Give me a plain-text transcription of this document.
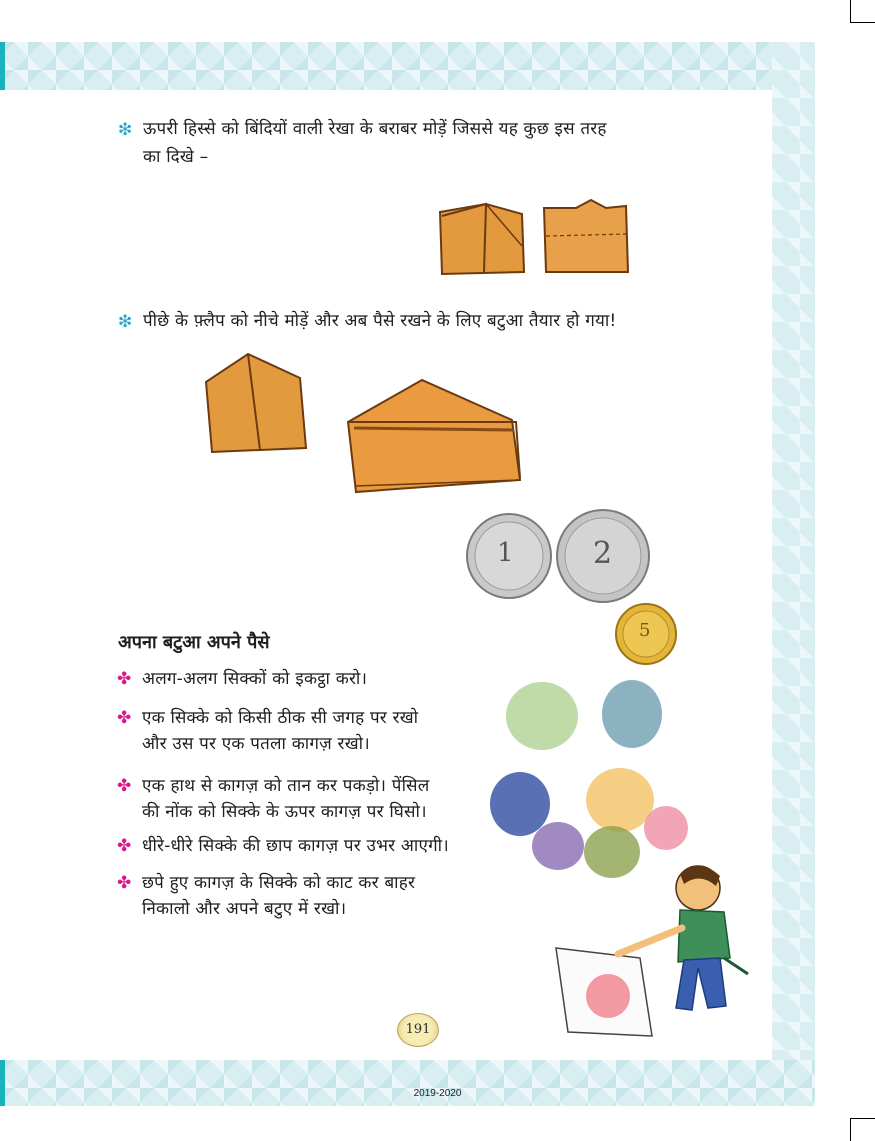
❇ ऊपरी हिस्से को बिंदियों वाली रेखा के बराबर मोड़ें जिससे यह कुछ इस तरह
का दिखे –
❇ पीछे के फ़्लैप को नीचे मोड़ें और अब पैसे रखने के लिए बटुआ तैयार हो गया!
1	2
5
अपना बटुआ अपने पैसे
✤ अलग-अलग सिक्कों को इकट्ठा करो।
✤ एक सिक्के को किसी ठीक सी जगह पर रखो
और उस पर एक पतला कागज़ रखो।
✤ एक हाथ से कागज़ को तान कर पकड़ो। पेंसिल
की नोंक को सिक्के के ऊपर कागज़ पर घिसो।
✤ धीरे-धीरे सिक्के की छाप कागज़ पर उभर आएगी।
✤ छपे हुए कागज़ के सिक्के को काट कर बाहर
निकालो और अपने बटुए में रखो।
191
2019-2020
